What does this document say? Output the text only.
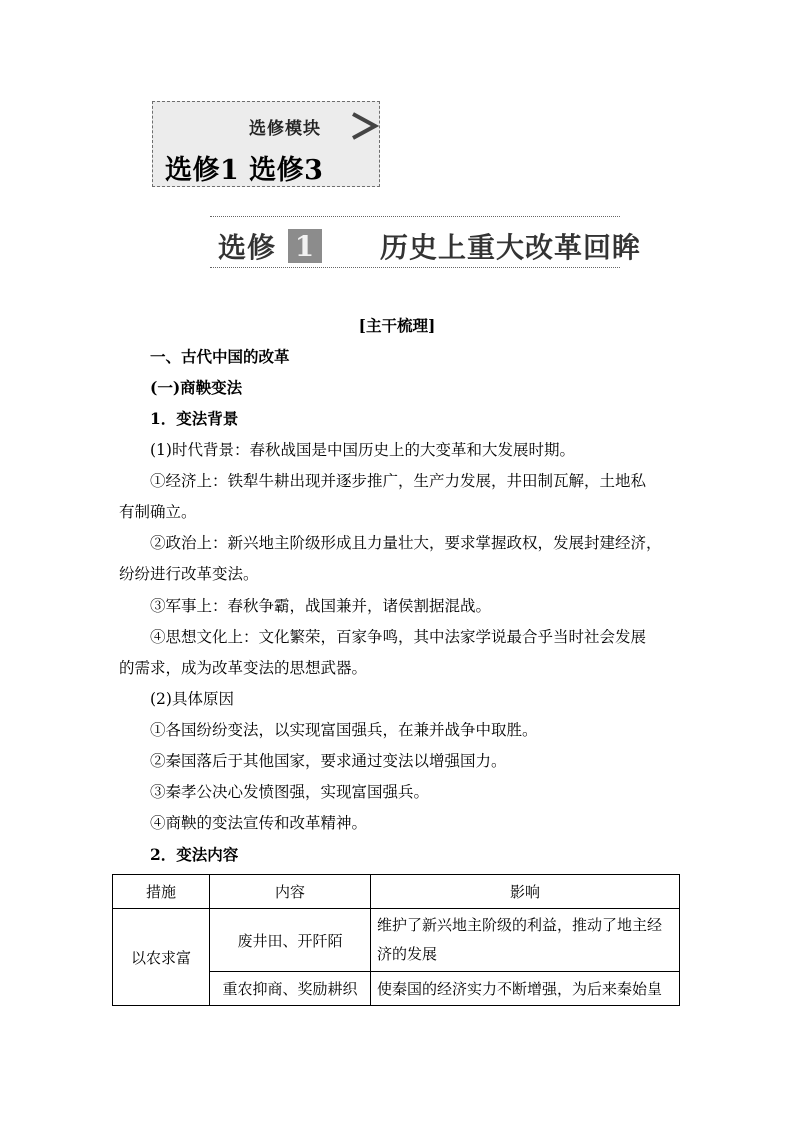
选修模块
选修1 选修3
选修 1 历史上重大改革回眸
[主干梳理]
一、古代中国的改革
(一)商鞅变法
1．变法背景
(1)时代背景：春秋战国是中国历史上的大变革和大发展时期。
①经济上：铁犁牛耕出现并逐步推广，生产力发展，井田制瓦解，土地私
有制确立。
②政治上：新兴地主阶级形成且力量壮大，要求掌握政权，发展封建经济，
纷纷进行改革变法。
③军事上：春秋争霸，战国兼并，诸侯割据混战。
④思想文化上：文化繁荣，百家争鸣，其中法家学说最合乎当时社会发展
的需求，成为改革变法的思想武器。
(2)具体原因
①各国纷纷变法，以实现富国强兵，在兼并战争中取胜。
②秦国落后于其他国家，要求通过变法以增强国力。
③秦孝公决心发愤图强，实现富国强兵。
④商鞅的变法宣传和改革精神。
2．变法内容
措施	内容	影响
以农求富	废井田、开阡陌	维护了新兴地主阶级的利益，推动了地主经济的发展
	重农抑商、奖励耕织	使秦国的经济实力不断增强，为后来秦始皇
